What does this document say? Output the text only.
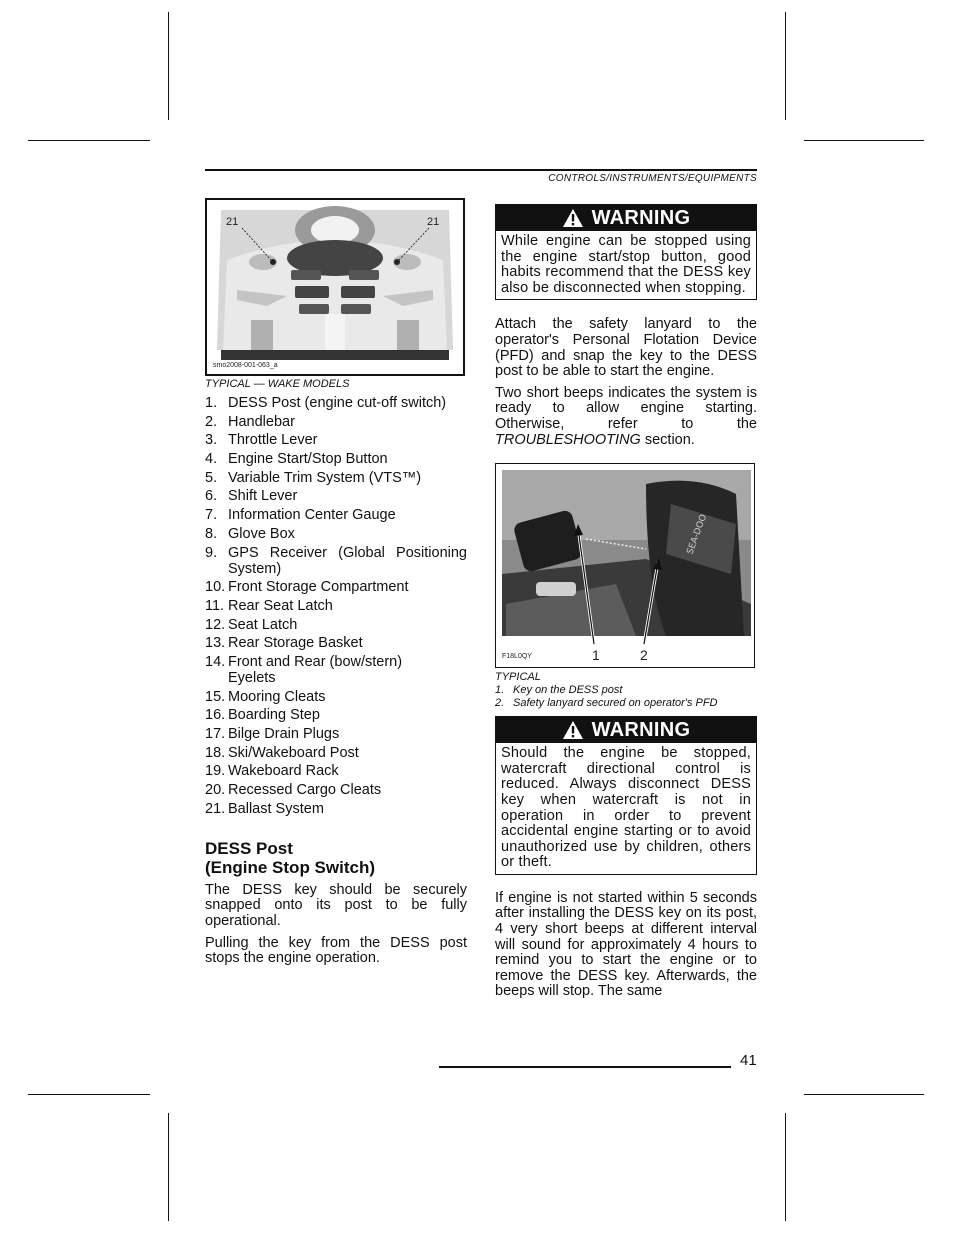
CONTROLS/INSTRUMENTS/EQUIPMENTS
21	21
smo2008-001-063_a
TYPICAL — WAKE MODELS
1. DESS Post (engine cut-off switch)
2. Handlebar
3. Throttle Lever
4. Engine Start/Stop Button
5. Variable Trim System (VTS™)
6. Shift Lever
7. Information Center Gauge
8. Glove Box
9. GPS Receiver (Global Positioning System)
10. Front Storage Compartment
11. Rear Seat Latch
12. Seat Latch
13. Rear Storage Basket
14. Front and Rear (bow/stern) Eyelets
15. Mooring Cleats
16. Boarding Step
17. Bilge Drain Plugs
18. Ski/Wakeboard Post
19. Wakeboard Rack
20. Recessed Cargo Cleats
21. Ballast System
DESS Post
(Engine Stop Switch)

The DESS key should be securely snapped onto its post to be fully operational.

Pulling the key from the DESS post stops the engine operation.

WARNING
While engine can be stopped using the engine start/stop button, good habits recommend that the DESS key also be disconnected when stopping.

Attach the safety lanyard to the operator's Personal Flotation Device (PFD) and snap the key to the DESS post to be able to start the engine.

Two short beeps indicates the system is ready to allow engine starting. Otherwise, refer to the TROUBLESHOOTING section.

SEA-DOO
F18L0QY	1	2
TYPICAL
1. Key on the DESS post
2. Safety lanyard secured on operator's PFD
WARNING
Should the engine be stopped, watercraft directional control is reduced. Always disconnect DESS key when watercraft is not in operation in order to prevent accidental engine starting or to avoid unauthorized use by children, others or theft.

If engine is not started within 5 seconds after installing the DESS key on its post, 4 very short beeps at different interval will sound for approximately 4 hours to remind you to start the engine or to remove the DESS key. Afterwards, the beeps will stop. The same

41
